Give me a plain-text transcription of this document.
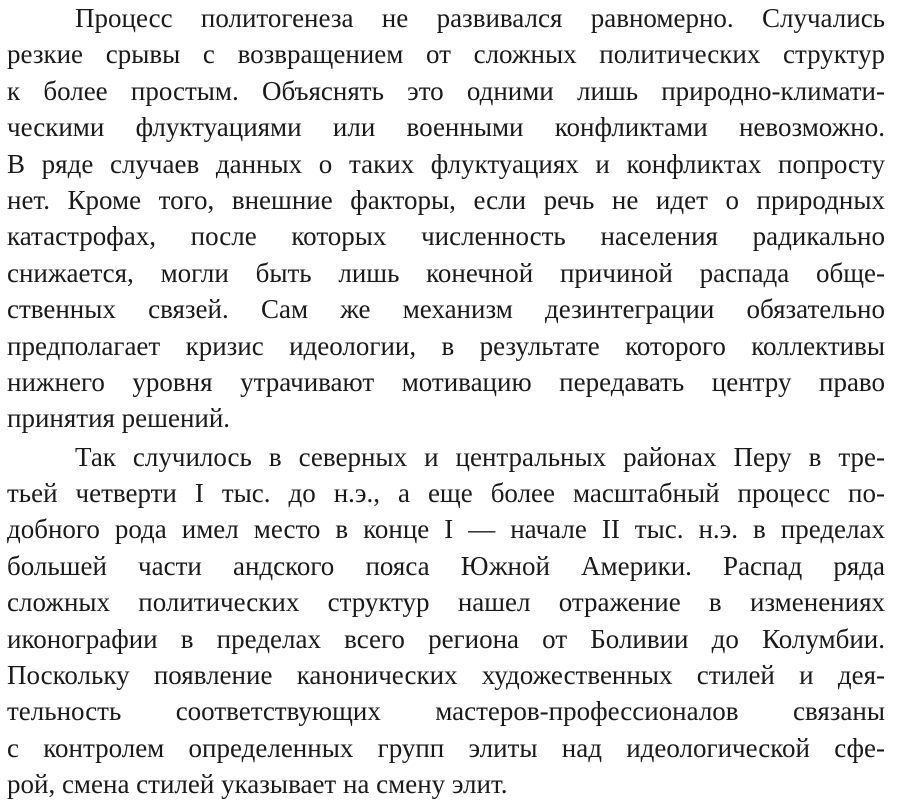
Процесс политогенеза не развивался равномерно. Случались
резкие срывы с возвращением от сложных политических структур
к более простым. Объяснять это одними лишь природно-климати-
ческими флуктуациями или военными конфликтами невозможно.
В ряде случаев данных о таких флуктуациях и конфликтах попросту
нет. Кроме того, внешние факторы, если речь не идет о природных
катастрофах, после которых численность населения радикально
снижается, могли быть лишь конечной причиной распада обще-
ственных связей. Сам же механизм дезинтеграции обязательно
предполагает кризис идеологии, в результате которого коллективы
нижнего уровня утрачивают мотивацию передавать центру право
принятия решений.
Так случилось в северных и центральных районах Перу в тре-
тьей четверти I тыс. до н.э., а еще более масштабный процесс по-
добного рода имел место в конце I — начале II тыс. н.э. в пределах
большей части андского пояса Южной Америки. Распад ряда
сложных политических структур нашел отражение в изменениях
иконографии в пределах всего региона от Боливии до Колумбии.
Поскольку появление канонических художественных стилей и дея-
тельность соответствующих мастеров-профессионалов связаны
с контролем определенных групп элиты над идеологической сфе-
рой, смена стилей указывает на смену элит.
